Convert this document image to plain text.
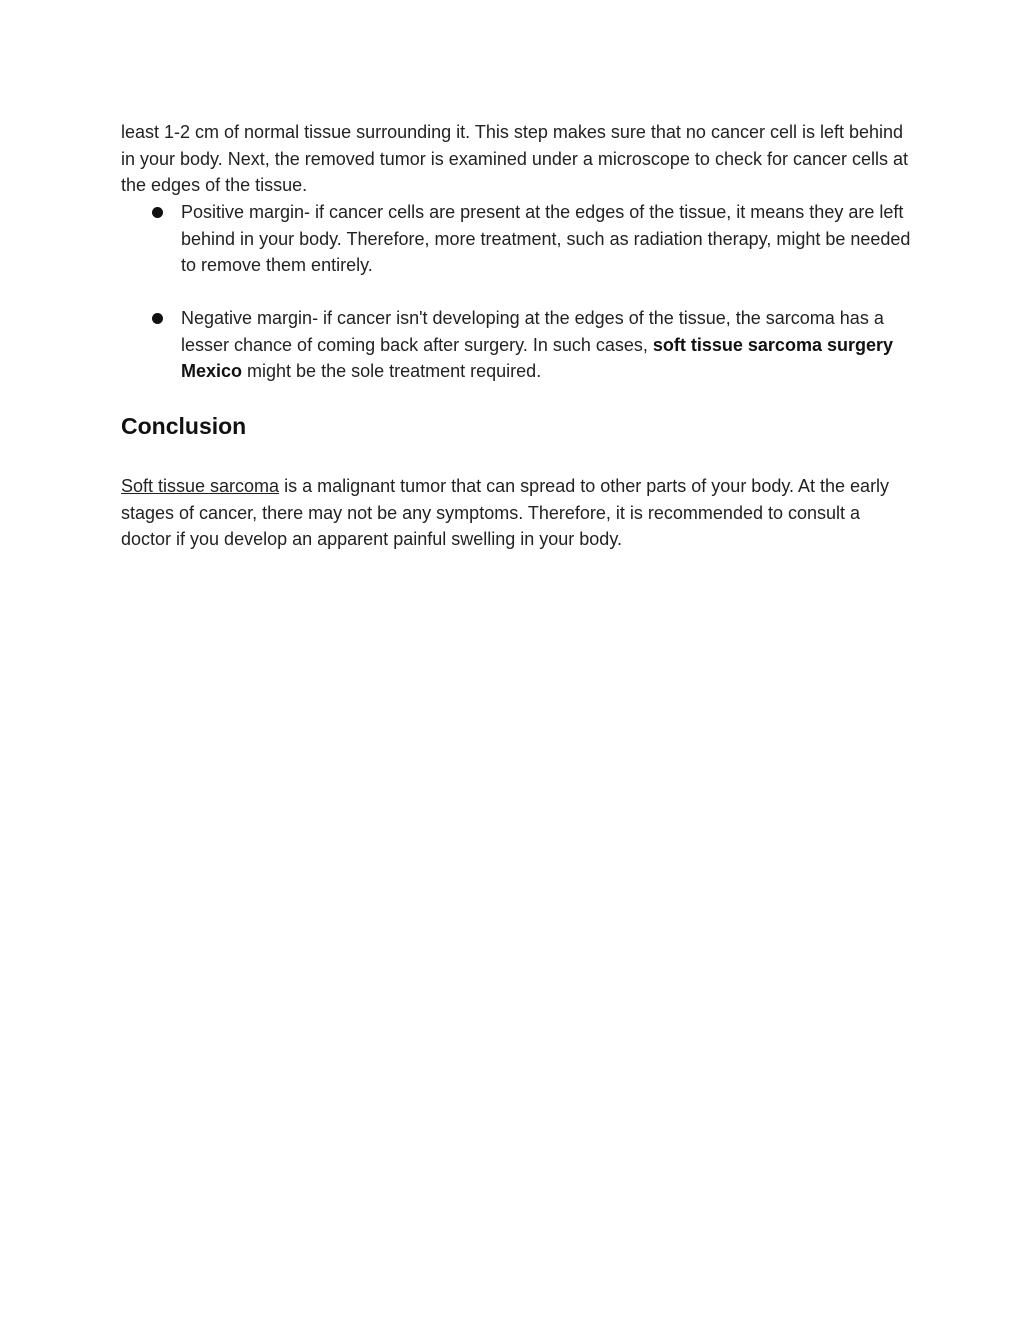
least 1-2 cm of normal tissue surrounding it. This step makes sure that no cancer cell is left behind in your body. Next, the removed tumor is examined under a microscope to check for cancer cells at the edges of the tissue.

Positive margin- if cancer cells are present at the edges of the tissue, it means they are left behind in your body. Therefore, more treatment, such as radiation therapy, might be needed to remove them entirely.
Negative margin- if cancer isn't developing at the edges of the tissue, the sarcoma has a lesser chance of coming back after surgery. In such cases, soft tissue sarcoma surgery Mexico might be the sole treatment required.
Conclusion

Soft tissue sarcoma is a malignant tumor that can spread to other parts of your body. At the early stages of cancer, there may not be any symptoms. Therefore, it is recommended to consult a doctor if you develop an apparent painful swelling in your body.
